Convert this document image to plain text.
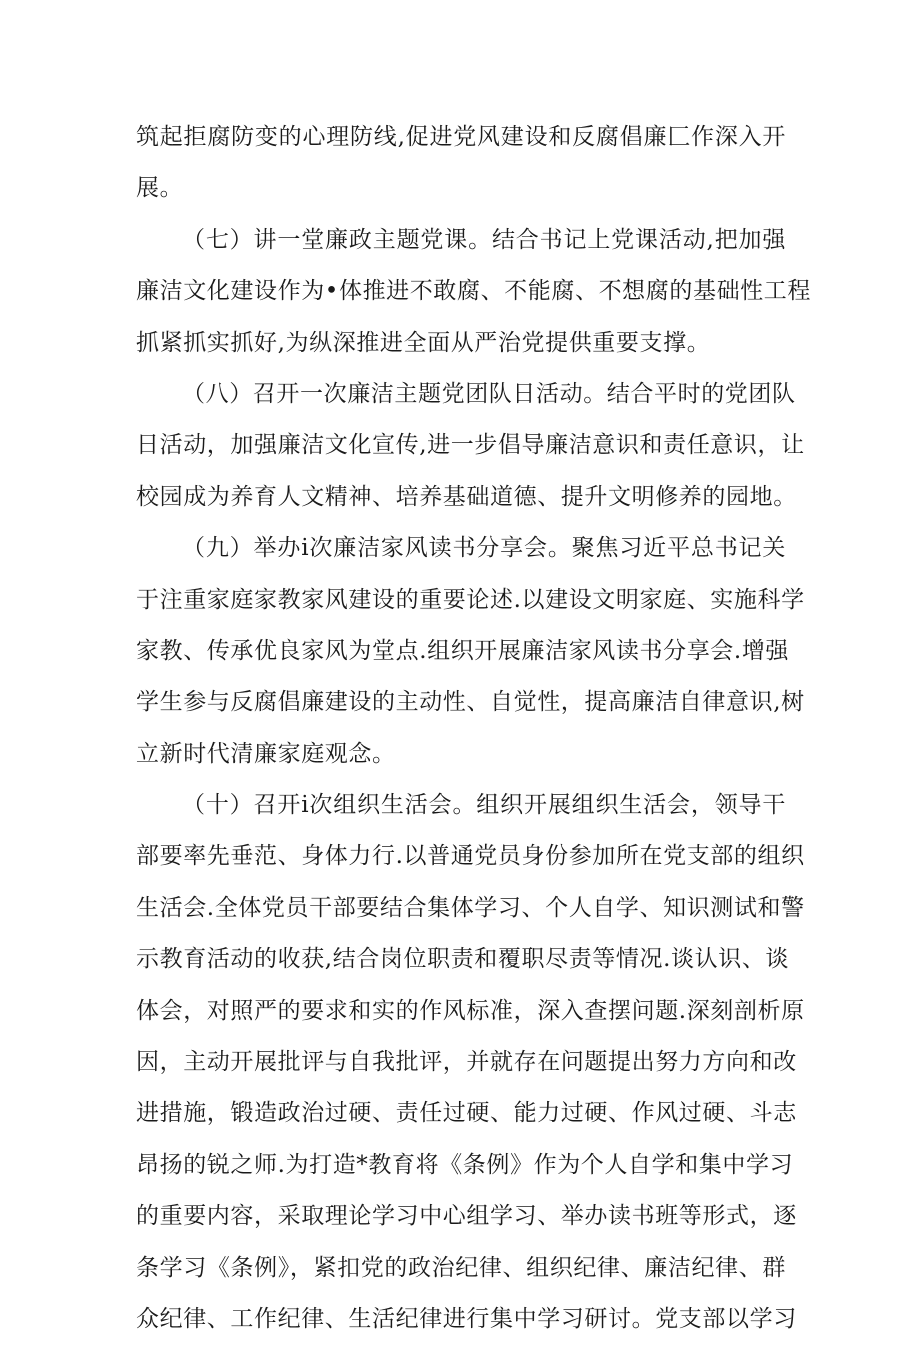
筑起拒腐防变的心理防线,促进党风建设和反腐倡廉匚作深入开
展。
（七）讲一堂廉政主题党课。结合书记上党课活动,把加强
廉洁文化建设作为•体推进不敢腐、不能腐、不想腐的基础性工程
抓紧抓实抓好,为纵深推进全面从严治党提供重要支撑。
（八）召开一次廉洁主题党团队日活动。结合平时的党团队
日活动，加强廉洁文化宣传,进一步倡导廉洁意识和责任意识，让
校园成为养育人文精神、培养基础道德、提升文明修养的园地。
（九）举办i次廉洁家风读书分享会。聚焦习近平总书记关
于注重家庭家教家风建设的重要论述.以建设文明家庭、实施科学
家教、传承优良家风为堂点.组织开展廉洁家风读书分享会.增强
学生参与反腐倡廉建设的主动性、自觉性，提高廉洁自律意识,树
立新时代清廉家庭观念。
（十）召开i次组织生活会。组织开展组织生活会，领导干
部要率先垂范、身体力行.以普通党员身份参加所在党支部的组织
生活会.全体党员干部要结合集体学习、个人自学、知识测试和警
示教育活动的收获,结合岗位职责和覆职尽责等情况.谈认识、谈
体会，对照严的要求和实的作风标准，深入查摆问题.深刻剖析原
因，主动开展批评与自我批评，并就存在问题提出努力方向和改
进措施，锻造政治过硬、责任过硬、能力过硬、作风过硬、斗志
昂扬的锐之师.为打造*教育将《条例》作为个人自学和集中学习
的重要内容，采取理论学习中心组学习、举办读书班等形式，逐
条学习《条例》，紧扣党的政治纪律、组织纪律、廉洁纪律、群
众纪律、工作纪律、生活纪律进行集中学习研讨。党支部以学习
